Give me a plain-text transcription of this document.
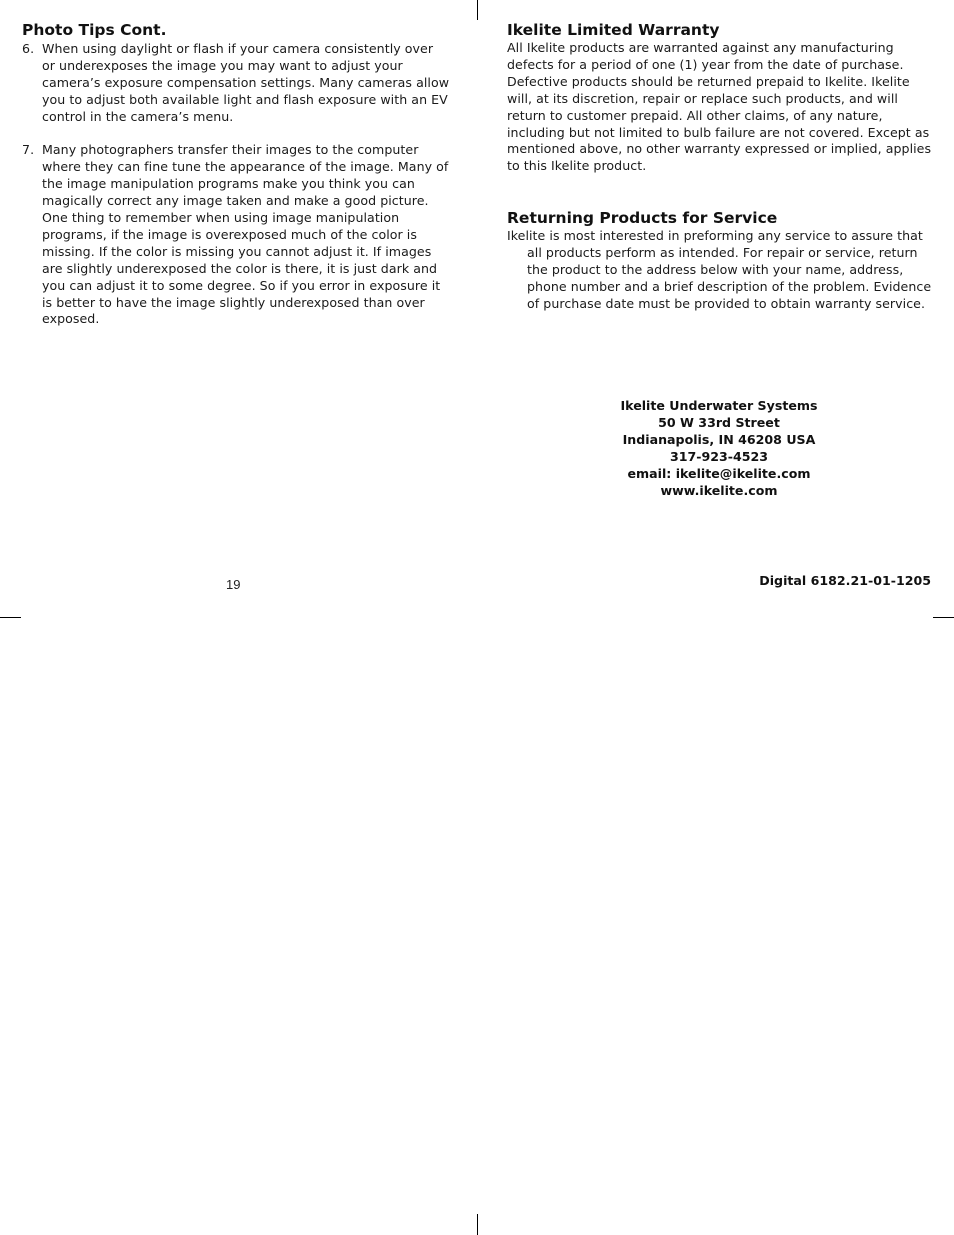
Photo Tips Cont.
6. When using daylight or flash if your camera consistently over or underexposes the image you may want to adjust your camera’s exposure compensation settings. Many cameras allow you to adjust both available light and flash exposure with an EV control in the camera’s menu.
7. Many photographers transfer their images to the computer where they can fine tune the appearance of the image. Many of the image manipulation programs make you think you can magically correct any image taken and make a good picture. One thing to remember when using image manipulation programs, if the image is overexposed much of the color is missing. If the color is missing you cannot adjust it. If images are slightly underexposed the color is there, it is just dark and you can adjust it to some degree. So if you error in exposure it is better to have the image slightly underexposed than over exposed.
Ikelite Limited Warranty

All Ikelite products are warranted against any manufacturing defects for a period of one (1) year from the date of purchase. Defective products should be returned prepaid to Ikelite. Ikelite will, at its discretion, repair or replace such products, and will return to customer prepaid. All other claims, of any nature, including but not limited to bulb failure are not covered. Except as mentioned above, no other warranty expressed or implied, applies to this Ikelite product.

Returning Products for Service

Ikelite is most interested in preforming any service to assure that all products perform as intended. For repair or service, return the product to the address below with your name, address, phone number and a brief description of the problem. Evidence of purchase date must be provided to obtain warranty service.

Ikelite Underwater Systems
50 W 33rd Street
Indianapolis, IN 46208 USA
317-923-4523
email: ikelite@ikelite.com
www.ikelite.com
19	Digital 6182.21-01-1205
